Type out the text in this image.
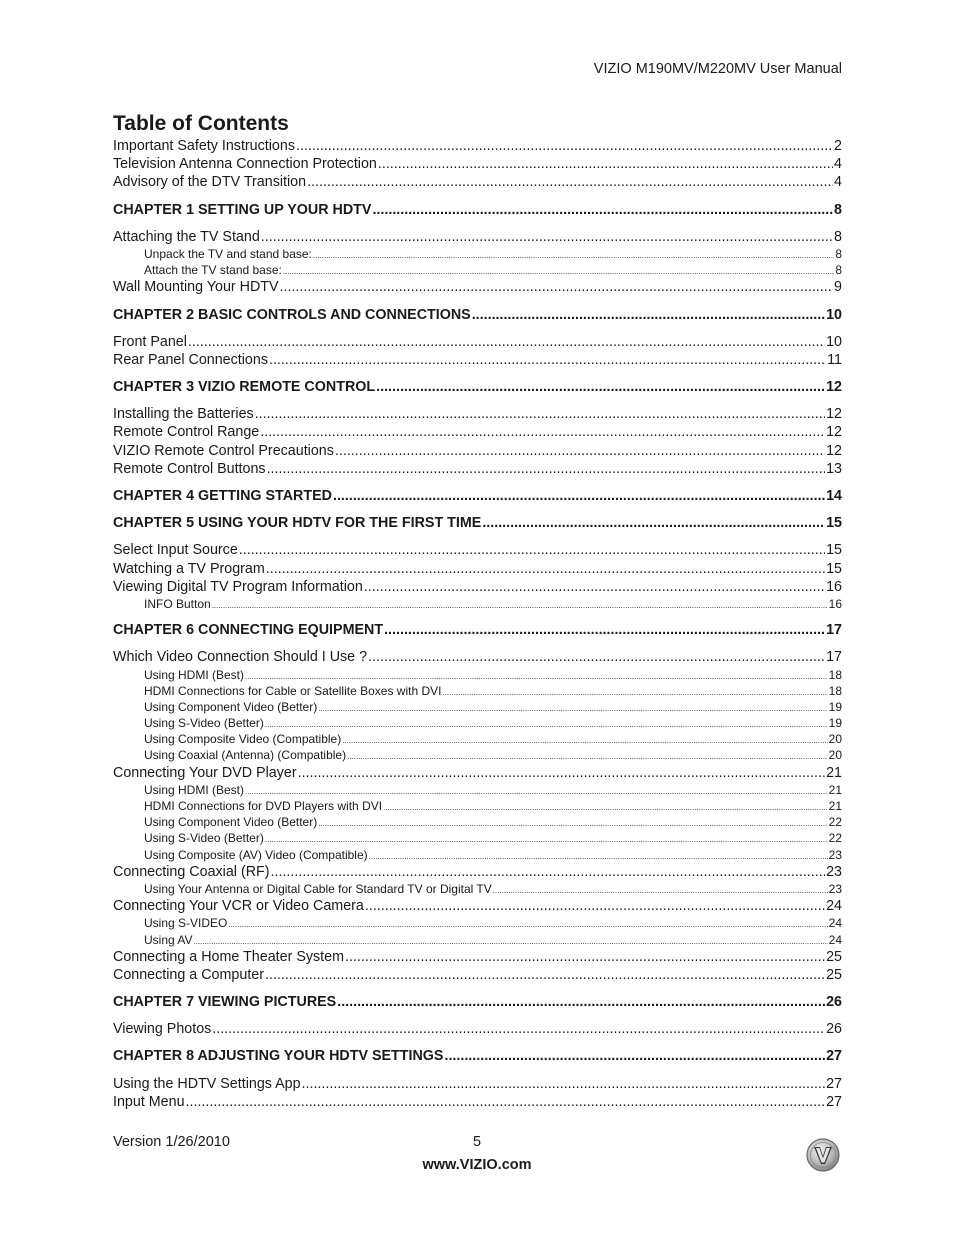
VIZIO M190MV/M220MV User Manual
Table of Contents
Important Safety Instructions .....	2
Television Antenna Connection Protection .....	4
Advisory of the DTV Transition .....	4
CHAPTER 1 SETTING UP YOUR HDTV .....	8
Attaching the TV Stand .....	8
Unpack the TV and stand base: .....	8
Attach the TV stand base: .....	8
Wall Mounting Your HDTV .....	9
CHAPTER 2 BASIC CONTROLS AND CONNECTIONS .....	10
Front Panel .....	10
Rear Panel Connections .....	11
CHAPTER 3 VIZIO REMOTE CONTROL .....	12
Installing the Batteries .....	12
Remote Control Range .....	12
VIZIO Remote Control Precautions .....	12
Remote Control Buttons .....	13
CHAPTER 4 GETTING STARTED .....	14
CHAPTER 5 USING YOUR HDTV FOR THE FIRST TIME .....	15
Select Input Source .....	15
Watching a TV Program .....	15
Viewing Digital TV Program Information .....	16
INFO Button .....	16
CHAPTER 6 CONNECTING EQUIPMENT .....	17
Which Video Connection Should I Use ? .....	17
Using HDMI (Best) .....	18
HDMI Connections for Cable or Satellite Boxes with DVI .....	18
Using Component Video (Better) .....	19
Using S-Video (Better) .....	19
Using Composite Video (Compatible) .....	20
Using Coaxial (Antenna) (Compatible) .....	20
Connecting Your DVD Player .....	21
Using HDMI (Best) .....	21
HDMI Connections for DVD Players with DVI .....	21
Using Component Video (Better) .....	22
Using S-Video (Better) .....	22
Using Composite (AV) Video (Compatible) .....	23
Connecting Coaxial (RF) .....	23
Using Your Antenna or Digital Cable for Standard TV or Digital TV .....	23
Connecting Your VCR or Video Camera .....	24
Using S-VIDEO .....	24
Using AV .....	24
Connecting a Home Theater System .....	25
Connecting a Computer .....	25
CHAPTER 7 VIEWING PICTURES .....	26
Viewing Photos .....	26
CHAPTER 8 ADJUSTING YOUR HDTV SETTINGS .....	27
Using the HDTV Settings App .....	27
Input Menu .....	27
Version 1/26/2010	5
www.VIZIO.com
